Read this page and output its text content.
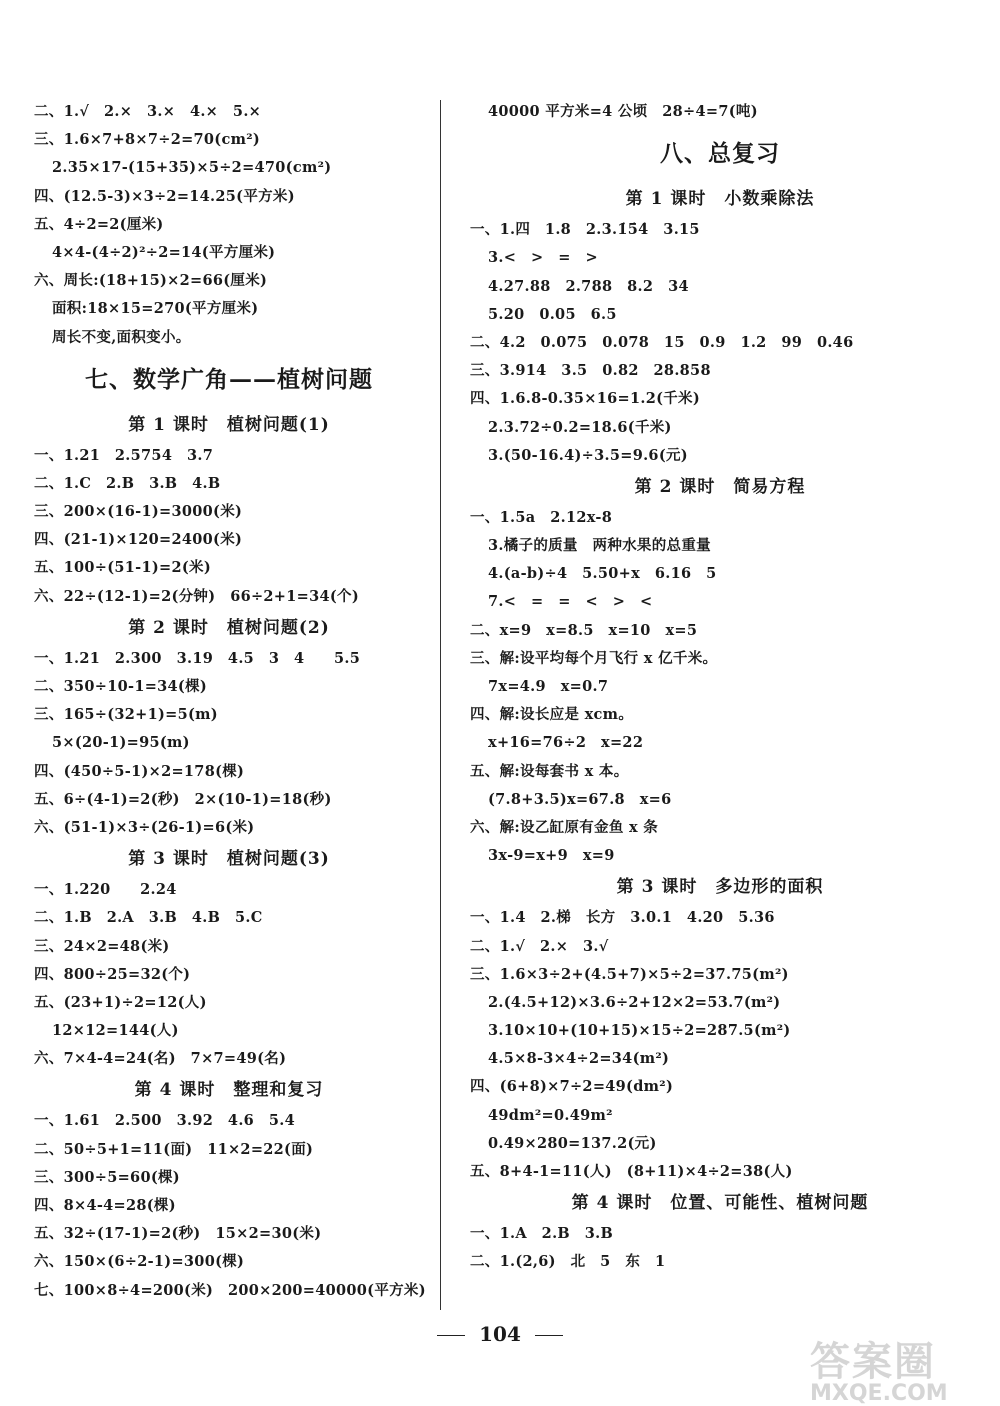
二、1.√　2.×　3.×　4.×　5.×
三、1.6×7+8×7÷2=70(cm²)
2.35×17-(15+35)×5÷2=470(cm²)
四、(12.5-3)×3÷2=14.25(平方米)
五、4÷2=2(厘米)
4×4-(4÷2)²÷2=14(平方厘米)
六、周长:(18+15)×2=66(厘米)
面积:18×15=270(平方厘米)
周长不变,面积变小。
七、数学广角——植树问题
第 1 课时　植树问题(1)
一、1.21　2.5754　3.7
二、1.C　2.B　3.B　4.B
三、200×(16-1)=3000(米)
四、(21-1)×120=2400(米)
五、100÷(51-1)=2(米)
六、22÷(12-1)=2(分钟)　66÷2+1=34(个)
第 2 课时　植树问题(2)
一、1.21　2.300　3.19　4.5　3　4　　5.5
二、350÷10-1=34(棵)
三、165÷(32+1)=5(m)
5×(20-1)=95(m)
四、(450÷5-1)×2=178(棵)
五、6÷(4-1)=2(秒)　2×(10-1)=18(秒)
六、(51-1)×3÷(26-1)=6(米)
第 3 课时　植树问题(3)
一、1.220　　2.24
二、1.B　2.A　3.B　4.B　5.C
三、24×2=48(米)
四、800÷25=32(个)
五、(23+1)÷2=12(人)
12×12=144(人)
六、7×4-4=24(名)　7×7=49(名)
第 4 课时　整理和复习
一、1.61　2.500　3.92　4.6　5.4
二、50÷5+1=11(面)　11×2=22(面)
三、300÷5=60(棵)
四、8×4-4=28(棵)
五、32÷(17-1)=2(秒)　15×2=30(米)
六、150×(6÷2-1)=300(棵)
七、100×8÷4=200(米)　200×200=40000(平方米)
40000 平方米=4 公顷　28÷4=7(吨)
八、总复习
第 1 课时　小数乘除法
一、1.四　1.8　2.3.1̇5̇4̇　3.15
3.<　>　=　>
4.27.88　2.788　8.2　34
5.20　0.05　6.5
二、4.2　0.075　0.078　15　0.9　1.2　99　0.46
三、3.914　3.5　0.82　28.858
四、1.6.8-0.35×16=1.2(千米)
2.3.72÷0.2=18.6(千米)
3.(50-16.4)÷3.5=9.6(元)
第 2 课时　简易方程
一、1.5a　2.12x-8
3.橘子的质量　两种水果的总重量
4.(a-b)÷4　5.50+x　6.16　5
7.<　=　=　<　>　<
二、x=9　x=8.5　x=10　x=5
三、解:设平均每个月飞行 x 亿千米。
7x=4.9　x=0.7
四、解:设长应是 xcm。
x+16=76÷2　x=22
五、解:设每套书 x 本。
(7.8+3.5)x=67.8　x=6
六、解:设乙缸原有金鱼 x 条
3x-9=x+9　x=9
第 3 课时　多边形的面积
一、1.4　2.梯　长方　3.0.1　4.20　5.36
二、1.√　2.×　3.√
三、1.6×3÷2+(4.5+7)×5÷2=37.75(m²)
2.(4.5+12)×3.6÷2+12×2=53.7(m²)
3.10×10+(10+15)×15÷2=287.5(m²)
4.5×8-3×4÷2=34(m²)
四、(6+8)×7÷2=49(dm²)
49dm²=0.49m²
0.49×280=137.2(元)
五、8+4-1=11(人)　(8+11)×4÷2=38(人)
第 4 课时　位置、可能性、植树问题
一、1.A　2.B　3.B
二、1.(2,6)　北　5　东　1
104
答案圈
MXQE.COM
